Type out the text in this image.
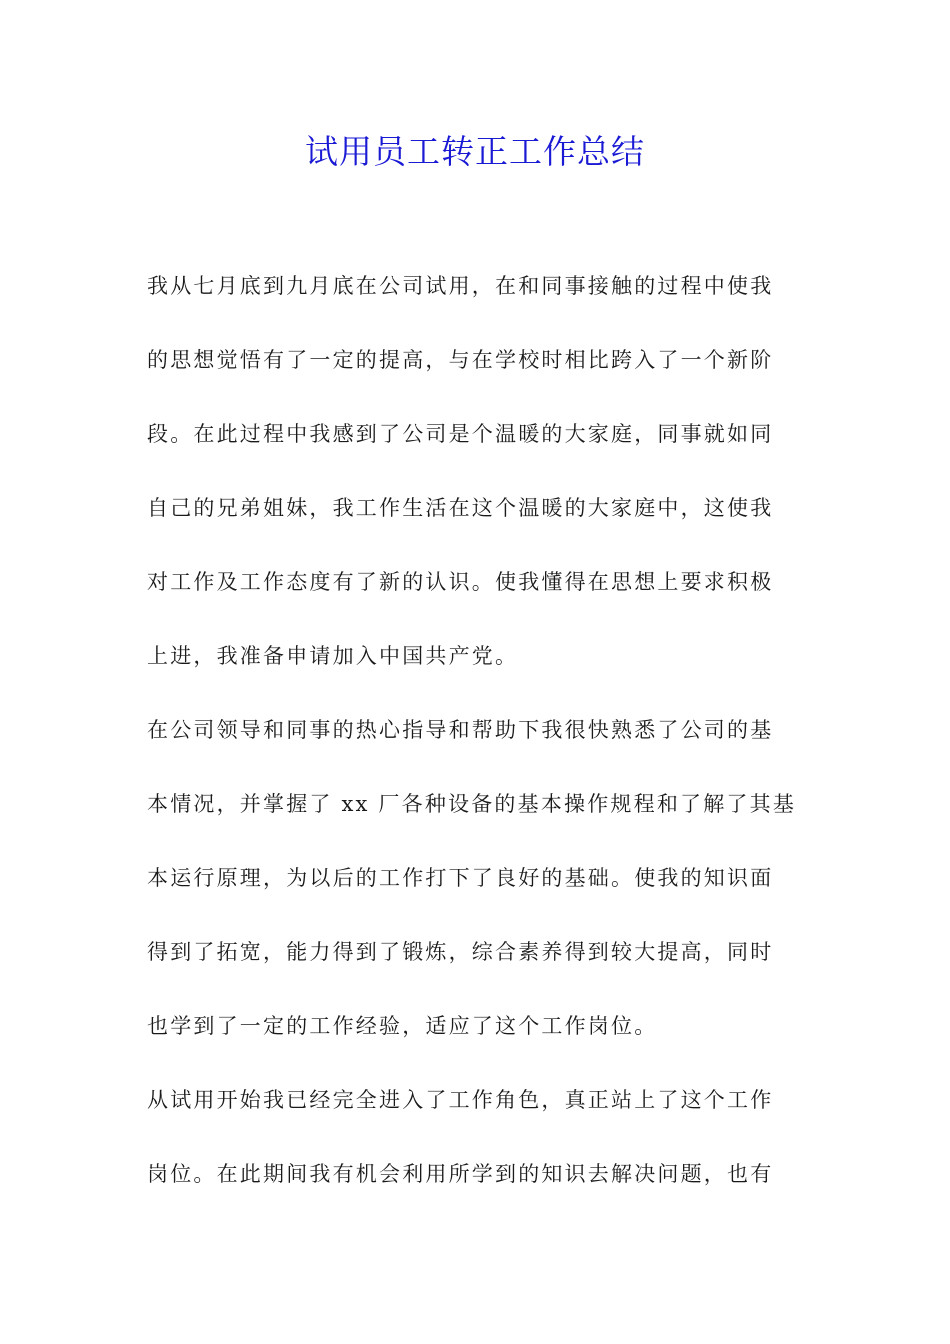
试用员工转正工作总结
我从七月底到九月底在公司试用，在和同事接触的过程中使我
的思想觉悟有了一定的提高，与在学校时相比跨入了一个新阶
段。在此过程中我感到了公司是个温暖的大家庭，同事就如同
自己的兄弟姐妹，我工作生活在这个温暖的大家庭中，这使我
对工作及工作态度有了新的认识。使我懂得在思想上要求积极
上进，我准备申请加入中国共产党。
在公司领导和同事的热心指导和帮助下我很快熟悉了公司的基
本情况，并掌握了 xx 厂各种设备的基本操作规程和了解了其基
本运行原理，为以后的工作打下了良好的基础。使我的知识面
得到了拓宽，能力得到了锻炼，综合素养得到较大提高，同时
也学到了一定的工作经验，适应了这个工作岗位。
从试用开始我已经完全进入了工作角色，真正站上了这个工作
岗位。在此期间我有机会利用所学到的知识去解决问题，也有
